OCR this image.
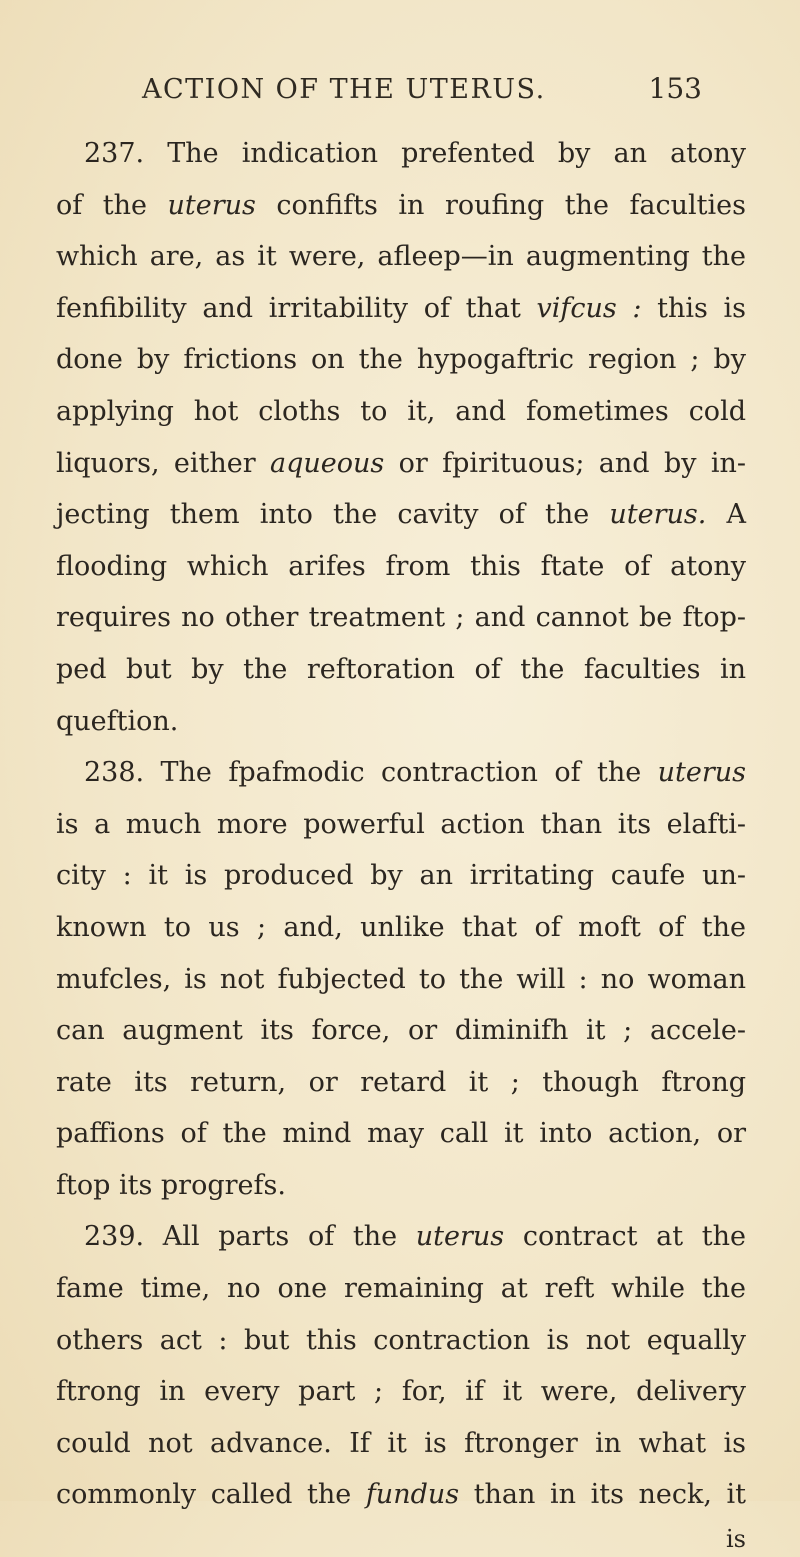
ACTION OF THE UTERUS.	153
237. The indication prefented by an atony
of the uterus confifts in roufing the faculties
which are, as it were, afleep—in augmenting the
fenfibility and irritability of that vifcus : this is
done by frictions on the hypogaftric region ; by
applying hot cloths to it, and fometimes cold
liquors, either aqueous or fpirituous; and by in-
jecting them into the cavity of the uterus. A
flooding which arifes from this ftate of atony
requires no other treatment ; and cannot be ftop-
ped but by the reftoration of the faculties in
queftion.
238. The fpafmodic contraction of the uterus
is a much more powerful action than its elafti-
city : it is produced by an irritating caufe un-
known to us ; and, unlike that of moft of the
mufcles, is not fubjected to the will : no woman
can augment its force, or diminifh it ; accele-
rate its return, or retard it ; though ftrong
paffions of the mind may call it into action, or
ftop its progrefs.
239. All parts of the uterus contract at the
fame time, no one remaining at reft while the
others act : but this contraction is not equally
ftrong in every part ; for, if it were, delivery
could not advance. If it is ftronger in what is
commonly called the fundus than in its neck, it
is
